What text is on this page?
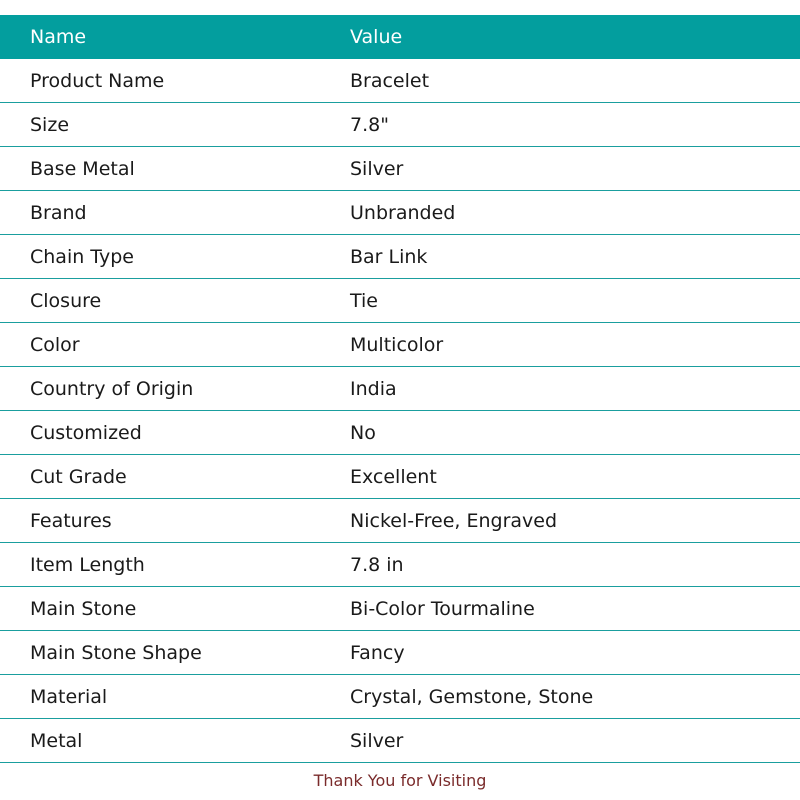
Name	Value
Product Name	Bracelet
Size	7.8"
Base Metal	Silver
Brand	Unbranded
Chain Type	Bar Link
Closure	Tie
Color	Multicolor
Country of Origin	India
Customized	No
Cut Grade	Excellent
Features	Nickel-Free, Engraved
Item Length	7.8 in
Main Stone	Bi-Color Tourmaline
Main Stone Shape	Fancy
Material	Crystal, Gemstone, Stone
Metal	Silver
Thank You for Visiting
